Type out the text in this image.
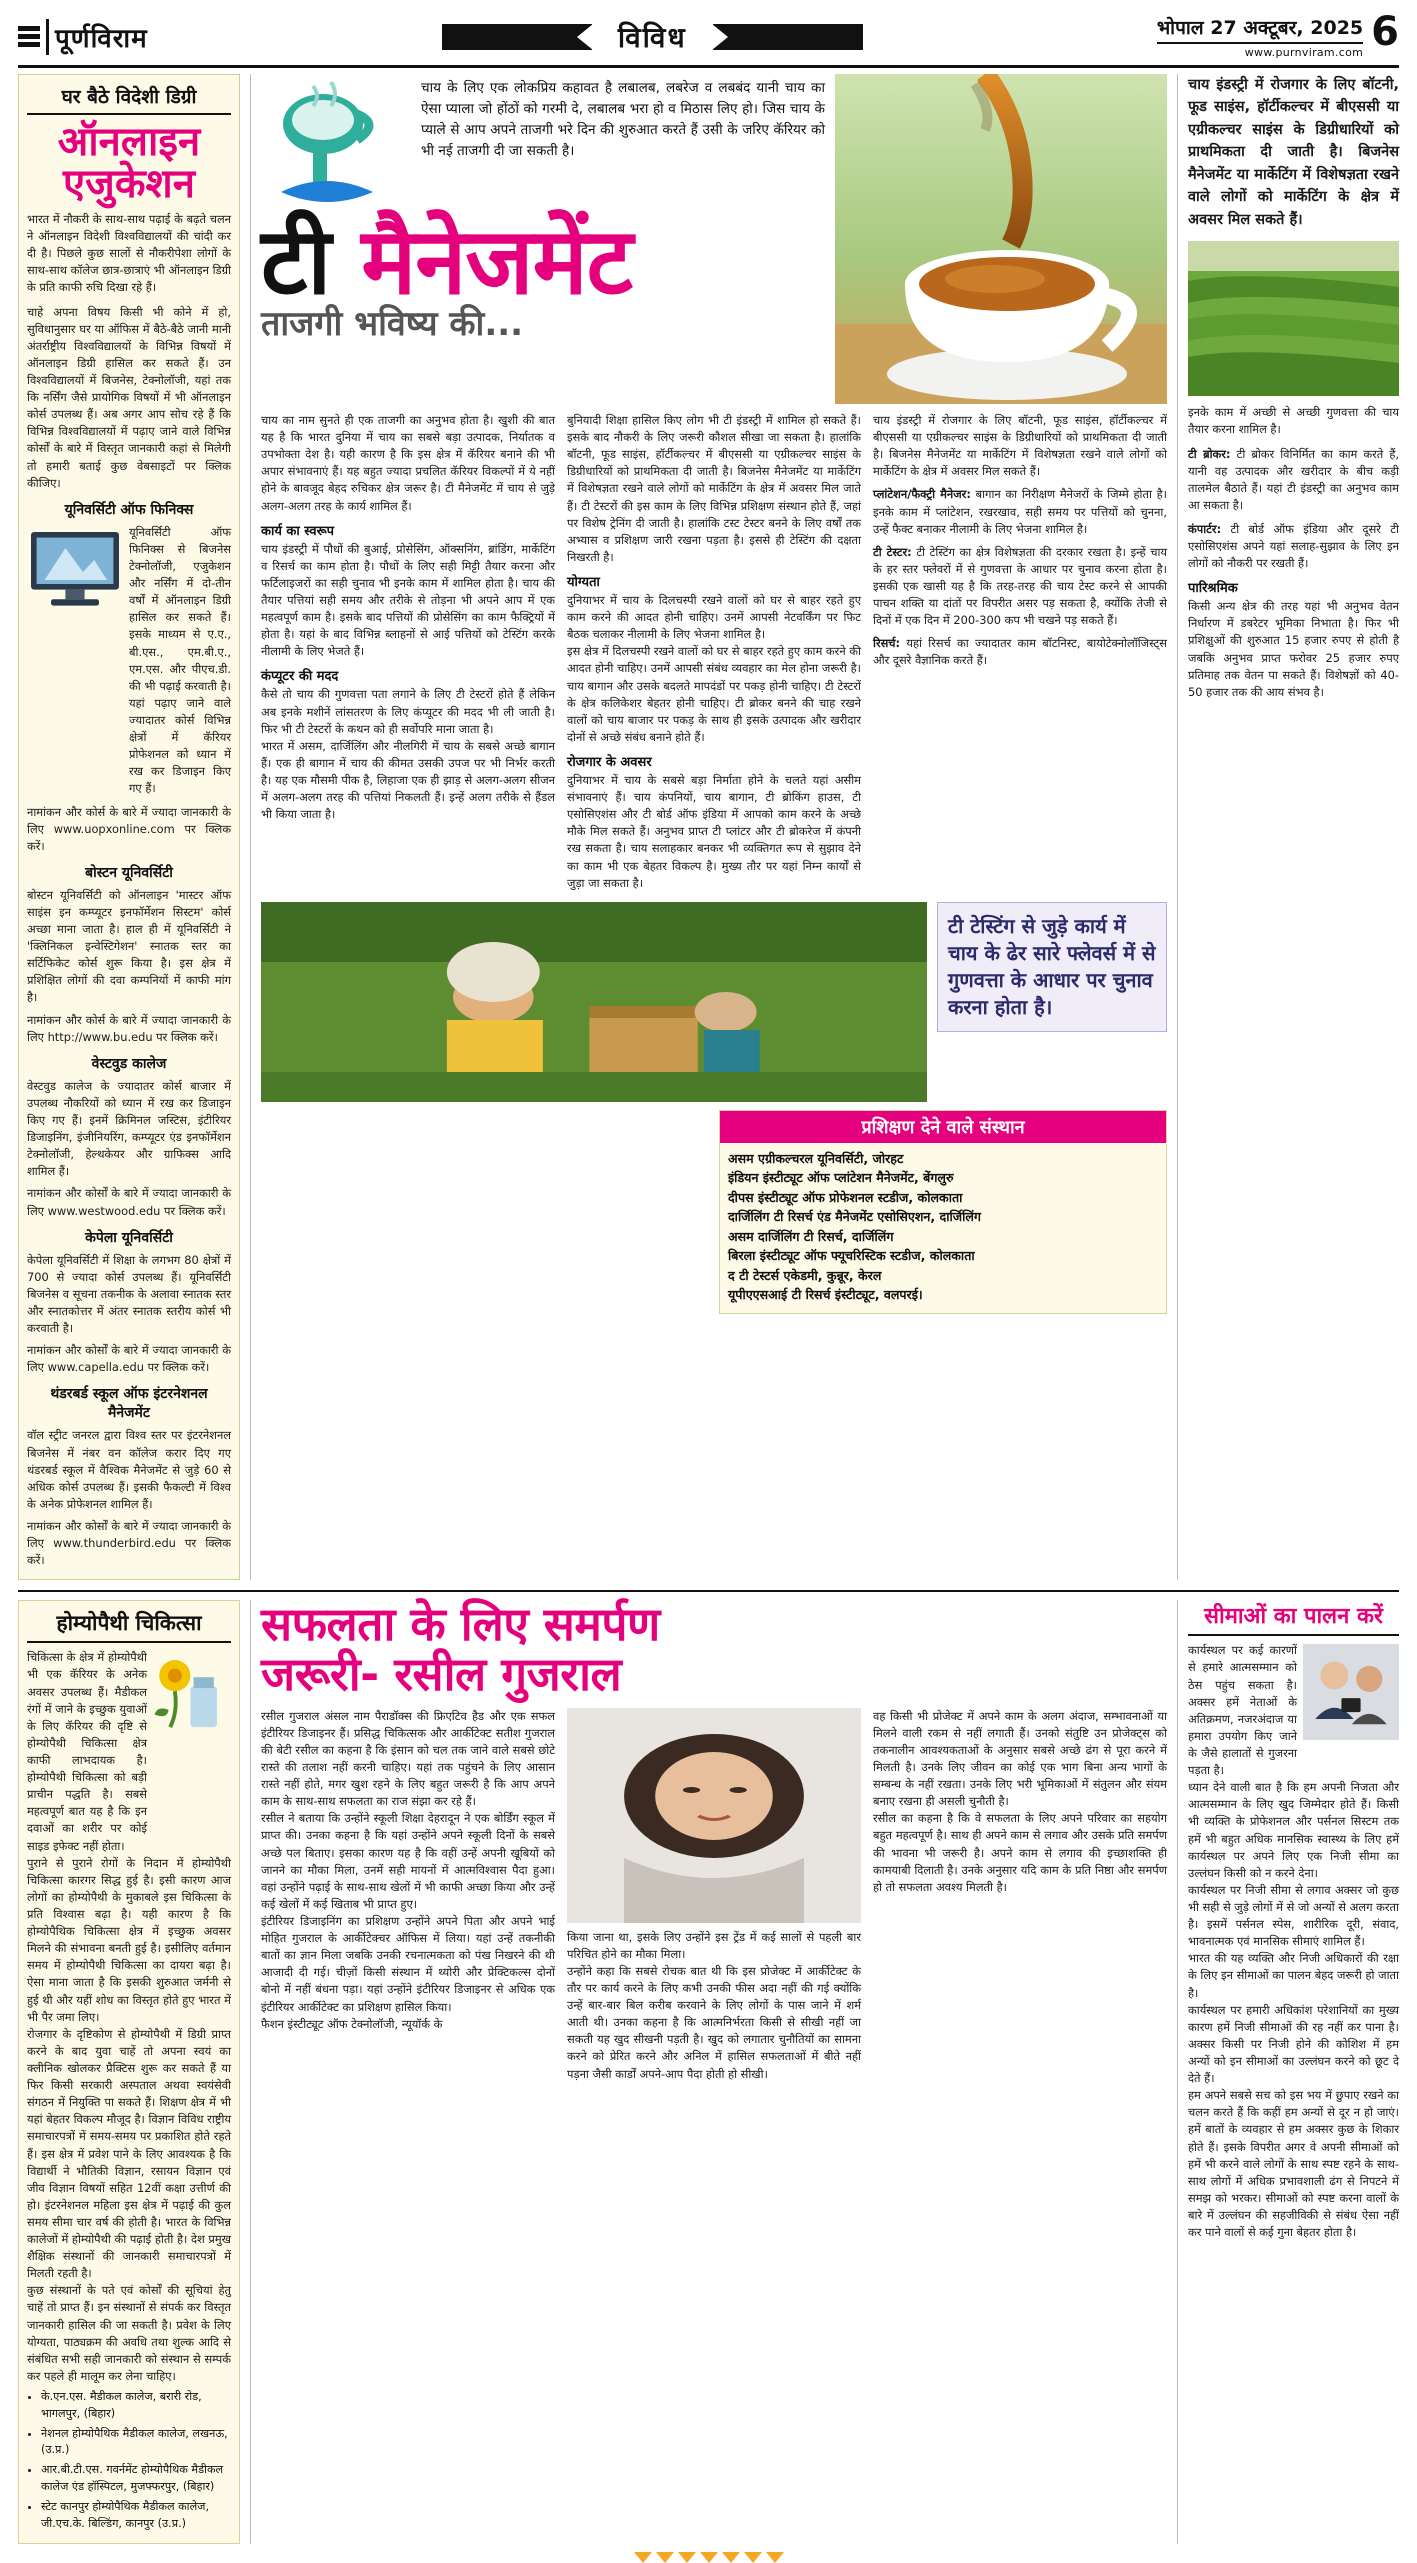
पूर्णविराम	विविध	भोपाल 27 अक्टूबर, 2025
www.purnviram.com 6
घर बैठे विदेशी डिग्री
ऑनलाइन
एजुकेशन

भारत में नौकरी के साथ-साथ पढ़ाई के बढ़ते चलन ने ऑनलाइन विदेशी विश्वविद्यालयों की चांदी कर दी है। पिछले कुछ सालों से नौकरीपेशा लोगों के साथ-साथ कॉलेज छात्र-छात्राएं भी ऑनलाइन डिग्री के प्रति काफी रुचि दिखा रहे हैं।

चाहे अपना विषय किसी भी कोने में हो, सुविधानुसार घर या ऑफिस में बैठे-बैठे जानी मानी अंतर्राष्ट्रीय विश्वविद्यालयों के विभिन्न विषयों में ऑनलाइन डिग्री हासिल कर सकते हैं। उन विश्वविद्यालयों में बिजनेस, टेक्नोलॉजी, यहां तक कि नर्सिंग जैसे प्रायोगिक विषयों में भी ऑनलाइन कोर्स उपलब्ध हैं। अब अगर आप सोच रहे हैं कि विभिन्न विश्वविद्यालयों में पढ़ाए जाने वाले विभिन्न कोर्सों के बारे में विस्तृत जानकारी कहां से मिलेगी तो हमारी बताई कुछ वेबसाइटों पर क्लिक कीजिए।

यूनिवर्सिटी ऑफ फिनिक्स
यूनिवर्सिटी ऑफ फिनिक्स से बिजनेस टेक्नोलॉजी, एजुकेशन और नर्सिंग में दो-तीन वर्षों में ऑनलाइन डिग्री हासिल कर सकते हैं। इसके माध्यम से ए.ए., बी.एस., एम.बी.ए., एम.एस. और पीएच.डी. की भी पढ़ाई करवाती है। यहां पढ़ाए जाने वाले ज्यादातर कोर्स विभिन्न क्षेत्रों में कॅरियर प्रोफेशनल को ध्यान में रख कर डिजाइन किए गए हैं।
नामांकन और कोर्स के बारे में ज्यादा जानकारी के लिए www.uopxonline.com पर क्लिक करें।
बोस्टन यूनिवर्सिटी
बोस्टन यूनिवर्सिटी को ऑनलाइन 'मास्टर ऑफ साइंस इन कम्प्यूटर इनफॉर्मेशन सिस्टम' कोर्स अच्छा माना जाता है। हाल ही में यूनिवर्सिटी ने 'क्लिनिकल इन्वेस्टिगेशन' स्नातक स्तर का सर्टिफिकेट कोर्स शुरू किया है। इस क्षेत्र में प्रशिक्षित लोगों की दवा कम्पनियों में काफी मांग है।
नामांकन और कोर्स के बारे में ज्यादा जानकारी के लिए http://www.bu.edu पर क्लिक करें।
वेस्टवुड कालेज
वेस्टवुड कालेज के ज्यादातर कोर्स बाजार में उपलब्ध नौकरियों को ध्यान में रख कर डिजाइन किए गए हैं। इनमें क्रिमिनल जस्टिस, इंटीरियर डिजाइनिंग, इंजीनियरिंग, कम्प्यूटर एंड इनफॉर्मेशन टेक्नोलॉजी, हेल्थकेयर और ग्राफिक्स आदि शामिल हैं।
नामांकन और कोर्सों के बारे में ज्यादा जानकारी के लिए www.westwood.edu पर क्लिक करें।
केपेला यूनिवर्सिटी
केपेला यूनिवर्सिटी में शिक्षा के लगभग 80 क्षेत्रों में 700 से ज्यादा कोर्स उपलब्ध हैं। यूनिवर्सिटी बिजनेस व सूचना तकनीक के अलावा स्नातक स्तर और स्नातकोत्तर में अंतर स्नातक स्तरीय कोर्स भी करवाती है।
नामांकन और कोर्सों के बारे में ज्यादा जानकारी के लिए www.capella.edu पर क्लिक करें।
थंडरबर्ड स्कूल ऑफ इंटरनेशनल मैनेजमेंट
वॉल स्ट्रीट जनरल द्वारा विश्व स्तर पर इंटरनेशनल बिजनेस में नंबर वन कॉलेज करार दिए गए थंडरबर्ड स्कूल में वैश्विक मैनेजमेंट से जुड़े 60 से अधिक कोर्स उपलब्ध हैं। इसकी फैकल्टी में विश्व के अनेक प्रोफेशनल शामिल हैं।
नामांकन और कोर्सों के बारे में ज्यादा जानकारी के लिए www.thunderbird.edu पर क्लिक करें।
चाय के लिए एक लोकप्रिय कहावत है लबालब, लबरेज व लबबंद यानी चाय का ऐसा प्याला जो होंठों को गरमी दे, लबालब भरा हो व मिठास लिए हो। जिस चाय के प्याले से आप अपने ताजगी भरे दिन की शुरुआत करते हैं उसी के जरिए कॅरियर को भी नई ताजगी दी जा सकती है।
टी मैनेजमेंट
ताजगी भविष्य की...
चाय का नाम सुनते ही एक ताजगी का अनुभव होता है। खुशी की बात यह है कि भारत दुनिया में चाय का सबसे बड़ा उत्पादक, निर्यातक व उपभोक्ता देश है। यही कारण है कि इस क्षेत्र में कॅरियर बनाने की भी अपार संभावनाएं हैं। यह बहुत ज्यादा प्रचलित कॅरियर विकल्पों में ये नहीं होने के बावजूद बेहद रुचिकर क्षेत्र जरूर है। टी मैनेजमेंट में चाय से जुड़े अलग-अलग तरह के कार्य शामिल हैं।
कार्य का स्वरूप
चाय इंडस्ट्री में पौधों की बुआई, प्रोसेसिंग, ऑक्सनिंग, ब्रांडिंग, मार्केटिंग व रिसर्च का काम होता है। पौधों के लिए सही मिट्टी तैयार करना और फर्टिलाइजरों का सही चुनाव भी इनके काम में शामिल होता है। चाय की तैयार पत्तियां सही समय और तरीके से तोड़ना भी अपने आप में एक महत्वपूर्ण काम है। इसके बाद पत्तियों की प्रोसेसिंग का काम फैक्ट्रियों में होता है। यहां के बाद विभिन्न ब्लाहनों से आई पत्तियों को टेस्टिंग करके नीलामी के लिए भेजते हैं।
कंप्यूटर की मदद
कैसे तो चाय की गुणवत्ता पता लगाने के लिए टी टेस्टरों होते हैं लेकिन अब इनके मशीनें लांसतरण के लिए कंप्यूटर की मदद भी ली जाती है। फिर भी टी टेस्टरों के कथन को ही सर्वोपरि माना जाता है।
भारत में असम, दार्जिलिंग और नीलगिरी में चाय के सबसे अच्छे बागान हैं। एक ही बागान में चाय की कीमत उसकी उपज पर भी निर्भर करती है। यह एक मौसमी पीक है, लिहाजा एक ही झाड़ से अलग-अलग सीजन में अलग-अलग तरह की पत्तियां निकलती हैं। इन्हें अलग तरीके से हैंडल भी किया जाता है।
बुनियादी शिक्षा हासिल किए लोग भी टी इंडस्ट्री में शामिल हो सकते हैं। इसके बाद नौकरी के लिए जरूरी कौशल सीखा जा सकता है। हालांकि बॉटनी, फूड साइंस, हॉर्टीकल्चर में बीएससी या एग्रीकल्चर साइंस के डिग्रीधारियों को प्राथमिकता दी जाती है। बिजनेस मैनेजमेंट या मार्केटिंग में विशेषज्ञता रखने वाले लोगों को मार्केटिंग के क्षेत्र में अवसर मिल जाते हैं। टी टेस्टरों की इस काम के लिए विभिन्न प्रशिक्षण संस्थान होते हैं, जहां पर विशेष ट्रेनिंग दी जाती है। हालांकि टस्ट टेस्टर बनने के लिए वर्षों तक अभ्यास व प्रशिक्षण जारी रखना पड़ता है। इससे ही टेस्टिंग की दक्षता निखरती है।
योग्यता
दुनियाभर में चाय के दिलचस्पी रखने वालों को घर से बाहर रहते हुए काम करने की आदत होनी चाहिए। उनमें आपसी नेटवर्किंग पर फिट बैठक चलाकर नीलामी के लिए भेजना शामिल है।
इस क्षेत्र में दिलचस्पी रखने वालों को घर से बाहर रहते हुए काम करने की आदत होनी चाहिए। उनमें आपसी संबंध व्यवहार का मेल होना जरूरी है। चाय बागान और उसके बदलते मापदंडों पर पकड़ होनी चाहिए। टी टेस्टरों के क्षेत्र कलिकेशर बेहतर होनी चाहिए। टी ब्रोकर बनने की चाह रखने वालों को चाय बाजार पर पकड़ के साथ ही इसके उत्पादक और खरीदार दोनों से अच्छे संबंध बनाने होते हैं।
रोजगार के अवसर
दुनियाभर में चाय के सबसे बड़ा निर्माता होने के चलते यहां असीम संभावनाएं हैं। चाय कंपनियों, चाय बागान, टी ब्रोकिंग हाउस, टी एसोसिएशंस और टी बोर्ड ऑफ इंडिया में आपको काम करने के अच्छे मौके मिल सकते हैं। अनुभव प्राप्त टी प्लांटर और टी ब्रोकरेज में कंपनी रख सकता है। चाय सलाहकार बनकर भी व्यक्तिगत रूप से सुझाव देने का काम भी एक बेहतर विकल्प है। मुख्य तौर पर यहां निम्न कार्यों से जुड़ा जा सकता है।
चाय इंडस्ट्री में रोजगार के लिए बॉटनी, फूड साइंस, हॉर्टीकल्चर में बीएससी या एग्रीकल्चर साइंस के डिग्रीधारियों को प्राथमिकता दी जाती है। बिजनेस मैनेजमेंट या मार्केटिंग में विशेषज्ञता रखने वाले लोगों को मार्केटिंग के क्षेत्र में अवसर मिल सकते हैं।
प्लांटेशन/फैक्ट्री मैनेजर: बागान का निरीक्षण मैनेजरों के जिम्मे होता है। इनके काम में प्लांटेशन, रखरखाव, सही समय पर पत्तियों को चुनना, उन्हें फैक्ट बनाकर नीलामी के लिए भेजना शामिल है।
टी टेस्टर: टी टेस्टिंग का क्षेत्र विशेषज्ञता की दरकार रखता है। इन्हें चाय के हर स्तर फ्लेवरों में से गुणवत्ता के आधार पर चुनाव करना होता है। इसकी एक खासी यह है कि तरह-तरह की चाय टेस्ट करने से आपकी पाचन शक्ति या दांतों पर विपरीत असर पड़ सकता है, क्योंकि तेजी से दिनों में एक दिन में 200-300 कप भी चखने पड़ सकते हैं।
रिसर्च: यहां रिसर्च का ज्यादातर काम बॉटनिस्ट, बायोटेक्नोलॉजिस्ट्स और दूसरे वैज्ञानिक करते हैं।
टी टेस्टिंग से जुड़े कार्य में चाय के ढेर सारे फ्लेवर्स में से गुणवत्ता के आधार पर चुनाव करना होता है।
प्रशिक्षण देने वाले संस्थान
असम एग्रीकल्चरल यूनिवर्सिटी, जोरहट
इंडियन इंस्टीट्यूट ऑफ प्लांटेशन मैनेजमेंट, बेंगलुरु
दीपस इंस्टीट्यूट ऑफ प्रोफेशनल स्टडीज, कोलकाता
दार्जिलिंग टी रिसर्च एंड मैनेजमेंट एसोसिएशन, दार्जिलिंग
असम दार्जिलिंग टी रिसर्च, दार्जिलिंग
बिरला इंस्टीट्यूट ऑफ फ्यूचरिस्टिक स्टडीज, कोलकाता
द टी टेस्टर्स एकेडमी, कुन्नूर, केरल
यूपीएएसआई टी रिसर्च इंस्टीट्यूट, वलपरई।
चाय इंडस्ट्री में रोजगार के लिए बॉटनी, फूड साइंस, हॉर्टीकल्चर में बीएससी या एग्रीकल्चर साइंस के डिग्रीधारियों को प्राथमिकता दी जाती है। बिजनेस मैनेजमेंट या मार्केटिंग में विशेषज्ञता रखने वाले लोगों को मार्केटिंग के क्षेत्र में अवसर मिल सकते हैं।
इनके काम में अच्छी से अच्छी गुणवत्ता की चाय तैयार करना शामिल है।
टी ब्रोकर: टी ब्रोकर विनिर्मित का काम करते हैं, यानी वह उत्पादक और खरीदार के बीच कड़ी तालमेल बैठाते हैं। यहां टी इंडस्ट्री का अनुभव काम आ सकता है।
कंपार्टर: टी बोर्ड ऑफ इंडिया और दूसरे टी एसोसिएशंस अपने यहां सलाह-सुझाव के लिए इन लोगों को नौकरी पर रखती हैं।
पारिश्रमिक
किसी अन्य क्षेत्र की तरह यहां भी अनुभव वेतन निर्धारण में डबरेटर भूमिका निभाता है। फिर भी प्रशिक्षुओं की शुरुआत 15 हजार रुपए से होती है जबकि अनुभव प्राप्त फरोवर 25 हजार रुपए प्रतिमाह तक वेतन पा सकते हैं। विशेषज्ञों को 40-50 हजार तक की आय संभव है।
होम्योपैथी चिकित्सा
चिकित्सा के क्षेत्र में होम्योपैथी भी एक कॅरियर के अनेक अवसर उपलब्ध हैं। मैडीकल रंगों में जाने के इच्छुक युवाओं के लिए कॅरियर की दृष्टि से होम्योपैथी चिकित्सा क्षेत्र काफी लाभदायक है। होम्योपैथी चिकित्सा को बड़ी प्राचीन पद्धति है। सबसे महत्वपूर्ण बात यह है कि इन दवाओं का शरीर पर कोई साइड इफेक्ट नहीं होता।
पुराने से पुराने रोगों के निदान में होम्योपैथी चिकित्सा कारगर सिद्ध हुई है। इसी कारण आज लोगों का होम्योपैथी के मुकाबले इस चिकित्सा के प्रति विश्वास बढ़ा है। यही कारण है कि होम्योपैथिक चिकित्सा क्षेत्र में इच्छुक अवसर मिलने की संभावना बनती हुई है। इसीलिए वर्तमान समय में होम्योपैथी चिकित्सा का दायरा बढ़ा है। ऐसा माना जाता है कि इसकी शुरुआत जर्मनी से हुई थी और यहीं शोध का विस्तृत होते हुए भारत में भी पैर जमा लिए।
रोजगार के दृष्टिकोण से होम्योपैथी में डिग्री प्राप्त करने के बाद युवा चाहें तो अपना स्वयं का क्लीनिक खोलकर प्रैक्टिस शुरू कर सकते हैं या फिर किसी सरकारी अस्पताल अथवा स्वयंसेवी संगठन में नियुक्ति पा सकते हैं। शिक्षण क्षेत्र में भी यहां बेहतर विकल्प मौजूद है। विज्ञान विविध राष्ट्रीय समाचारपत्रों में समय-समय पर प्रकाशित होते रहते हैं। इस क्षेत्र में प्रवेश पाने के लिए आवश्यक है कि विद्यार्थी ने भौतिकी विज्ञान, रसायन विज्ञान एवं जीव विज्ञान विषयों सहित 12वीं कक्षा उत्तीर्ण की हो। इंटरनेशनल महिला इस क्षेत्र में पढ़ाई की कुल समय सीमा चार वर्ष की होती है। भारत के विभिन्न कालेजों में होम्योपैथी की पढ़ाई होती है। देश प्रमुख शैक्षिक संस्थानों की जानकारी समाचारपत्रों में मिलती रहती है।
कुछ संस्थानों के पते एवं कोर्सों की सूचियां हेतु चाहें तो प्राप्त हैं। इन संस्थानों से संपर्क कर विस्तृत जानकारी हासिल की जा सकती है। प्रवेश के लिए योग्यता, पाठ्यक्रम की अवधि तथा शुल्क आदि से संबंधित सभी सही जानकारी को संस्थान से सम्पर्क कर पहले ही मालूम कर लेना चाहिए।
• के.एन.एस. मैडीकल कालेज, बरारी रोड, भागलपुर, (बिहार)
• नेशनल होम्योपैथिक मैडीकल कालेज, लखनऊ, (उ.प्र.)
• आर.बी.टी.एस. गवर्नमेंट होम्योपैथिक मैडीकल कालेज एंड हॉस्पिटल, मुजफ्फरपुर, (बिहार)
• स्टेट कानपुर होम्योपैथिक मैडीकल कालेज, जी.एच.के. बिल्डिंग, कानपुर (उ.प्र.)
सफलता के लिए समर्पण
जरूरी- रसील गुजराल
रसील गुजराल अंसल नाम पैराडॉक्स की फ्रिएटिव हैड और एक सफल इंटीरियर डिजाइनर हैं। प्रसिद्ध चिकित्सक और आर्कीटेक्ट सतीश गुजराल की बेटी रसील का कहना है कि इंसान को चल तक जाने वाले सबसे छोटे रास्ते की तलाश नहीं करनी चाहिए। यहां तक पहुंचने के लिए आसान रास्ते नहीं होते, मगर खुश रहने के लिए बहुत जरूरी है कि आप अपने काम के साथ-साथ सफलता का राज संझा कर रहे हैं।
रसील ने बताया कि उन्होंने स्कूली शिक्षा देहरादून ने एक बोर्डिंग स्कूल में प्राप्त की। उनका कहना है कि यहां उन्होंने अपने स्कूली दिनों के सबसे अच्छे पल बिताए। इसका कारण यह है कि वहीं उन्हें अपनी खूबियों को जानने का मौका मिला, उनमें सही मायनों में आत्मविश्वास पैदा हुआ। वहां उन्होंने पढ़ाई के साथ-साथ खेलों में भी काफी अच्छा किया और उन्हें कई खेलों में कई खिताब भी प्राप्त हुए।
इंटीरियर डिजाइनिंग का प्रशिक्षण उन्होंने अपने पिता और अपने भाई मोहित गुजराल के आर्कीटेक्चर ऑफिस में लिया। यहां उन्हें तकनीकी बातों का ज्ञान मिला जबकि उनकी रचनात्मकता को पंख निखरने की थी आजादी दी गई। चीज़ों किसी संस्थान में थ्योरी और प्रेक्टिकल्स दोनों बोनो में नहीं बंधना पड़ा। यहां उन्होंने इंटीरियर डिजाइनर से अधिक एक इंटीरियर आर्कीटेक्ट का प्रशिक्षण हासिल किया।
फैशन इंस्टीट्यूट ऑफ टेक्नोलॉजी, न्यूयॉर्क के
किया जाना था, इसके लिए उन्होंने इस ट्रेंड में कई सालों से पहली बार परिचित होने का मौका मिला।
उन्होंने कहा कि सबसे रोचक बात थी कि इस प्रोजेक्ट में आर्कीटेक्ट के तौर पर कार्य करने के लिए कभी उनकी फीस अदा नहीं की गई क्योंकि उन्हें बार-बार बिल करीब करवाने के लिए लोगों के पास जाने में शर्म आती थी। उनका कहना है कि आत्मनिर्भरता किसी से सीखी नहीं जा सकती यह खुद सीखनी पड़ती है। खुद को लगातार चुनौतियों का सामना करने को प्रेरित करने और अनिल में हासिल सफलताओं में बीते नहीं पड़ना जैसी कार्डों अपने-आप पैदा होती हो सीखी।
वह किसी भी प्रोजेक्ट में अपने काम के अलग अंदाज, सम्भावनाओं या मिलने वाली रकम से नहीं लगाती हैं। उनको संतुष्टि उन प्रोजेक्ट्स को तकनालीन आवश्यकताओं के अनुसार सबसे अच्छे ढंग से पूरा करने में मिलती है। उनके लिए जीवन का कोई एक भाग बिना अन्य भागों के सम्बन्ध के नहीं रखता। उनके लिए भरी भूमिकाओं में संतुलन और संयम बनाए रखना ही असली चुनौती है।
रसील का कहना है कि वे सफलता के लिए अपने परिवार का सहयोग बहुत महत्वपूर्ण है। साथ ही अपने काम से लगाव और उसके प्रति समर्पण की भावना भी जरूरी है। अपने काम से लगाव की इच्छाशक्ति ही कामयाबी दिलाती है। उनके अनुसार यदि काम के प्रति निष्ठा और समर्पण हो तो सफलता अवश्य मिलती है।
सीमाओं का पालन करें
कार्यस्थल पर कई कारणों से हमारे आत्मसम्मान को ठेस पहुंच सकता है। अक्सर हमें नेताओं के अतिक्रमण, नजरअंदाज या हमारा उपयोग किए जाने के जैसे हालातों से गुजरना पड़ता है।
ध्यान देने वाली बात है कि हम अपनी निजता और आत्मसम्मान के लिए खुद जिम्मेदार होते हैं। किसी भी व्यक्ति के प्रोफेशनल और पर्सनल सिस्टम तक हमें भी बहुत अधिक मानसिक स्वास्थ्य के लिए हमें कार्यस्थल पर अपने लिए एक निजी सीमा का उल्लंघन किसी को न करने देना।
कार्यस्थल पर निजी सीमा से लगाव अक्सर जो कुछ भी सही से जुड़े लोगों में से जो अन्यों से अलग करता है। इसमें पर्सनल स्पेस, शारीरिक दूरी, संवाद, भावनात्मक एवं मानसिक सीमाएं शामिल हैं।
भारत की यह व्यक्ति और निजी अधिकारों की रक्षा के लिए इन सीमाओं का पालन बेहद जरूरी हो जाता है।
कार्यस्थल पर हमारी अधिकांश परेशानियों का मुख्य कारण हमें निजी सीमाओं की रह नहीं कर पाना है। अक्सर किसी पर निजी होने की कोशिश में हम अन्यों को इन सीमाओं का उल्लंघन करने को छूट दे देते हैं।
हम अपने सबसे सच को इस भय में छुपाए रखने का चलन करते हैं कि कहीं हम अन्यों से दूर न हो जाएं। हमें बातों के व्यवहार से हम अक्सर कुछ के शिकार होते हैं। इसके विपरीत अगर वे अपनी सीमाओं को हमें भी करने वाले लोगों के साथ स्पष्ट रहने के साथ-साथ लोगों में अधिक प्रभावशाली ढंग से निपटने में समझ को भरकर। सीमाओं को स्पष्ट करना वालों के बारे में उल्लंघन की सहजीविकी से संबंध ऐसा नहीं कर पाने वालों से कई गुना बेहतर होता है।
